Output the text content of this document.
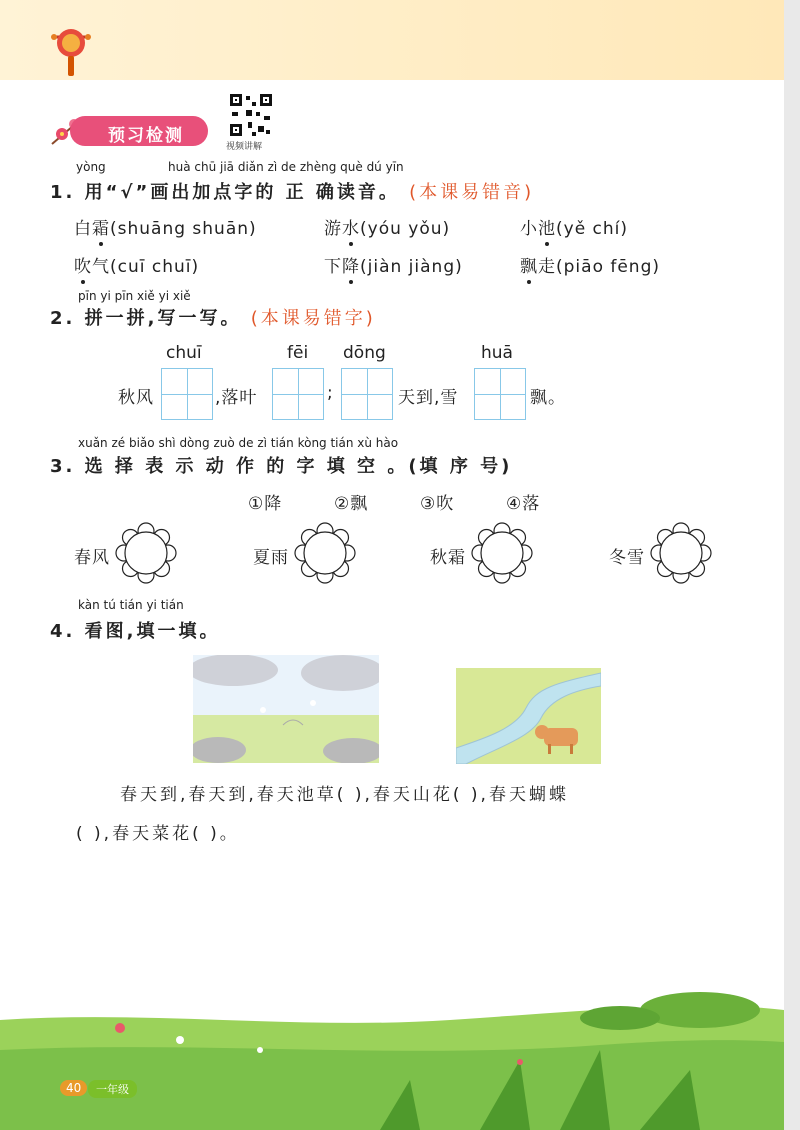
预习检测
视频讲解
yòng	huà chū jiā diǎn zì de zhèng què dú yīn
1. 用“√”画出加点字的 正 确读音。 (本课易错音)
白霜(shuāng shuān)	游水(yóu yǒu)	小池(yě chí)
吹气(cuī chuī)	下降(jiàn jiàng)	飘走(piāo fēng)
pīn yi pīn xiě yi xiě
2. 拼一拼,写一写。 (本课易错字)
chuī	fēi dōng	huā
秋风	,落叶	;	天到,雪	飘。
xuǎn zé biǎo shì dòng zuò de zì tián kòng tián xù hào
3. 选 择 表 示 动 作 的 字 填 空 。(填 序 号)
①降	②飘	③吹	④落
春风	夏雨	秋霜	冬雪
kàn tú tián yi tián
4. 看图,填一填。
春天到,春天到,春天池草( ),春天山花( ),春天蝴蝶
( ),春天菜花( )。
40	一年级
